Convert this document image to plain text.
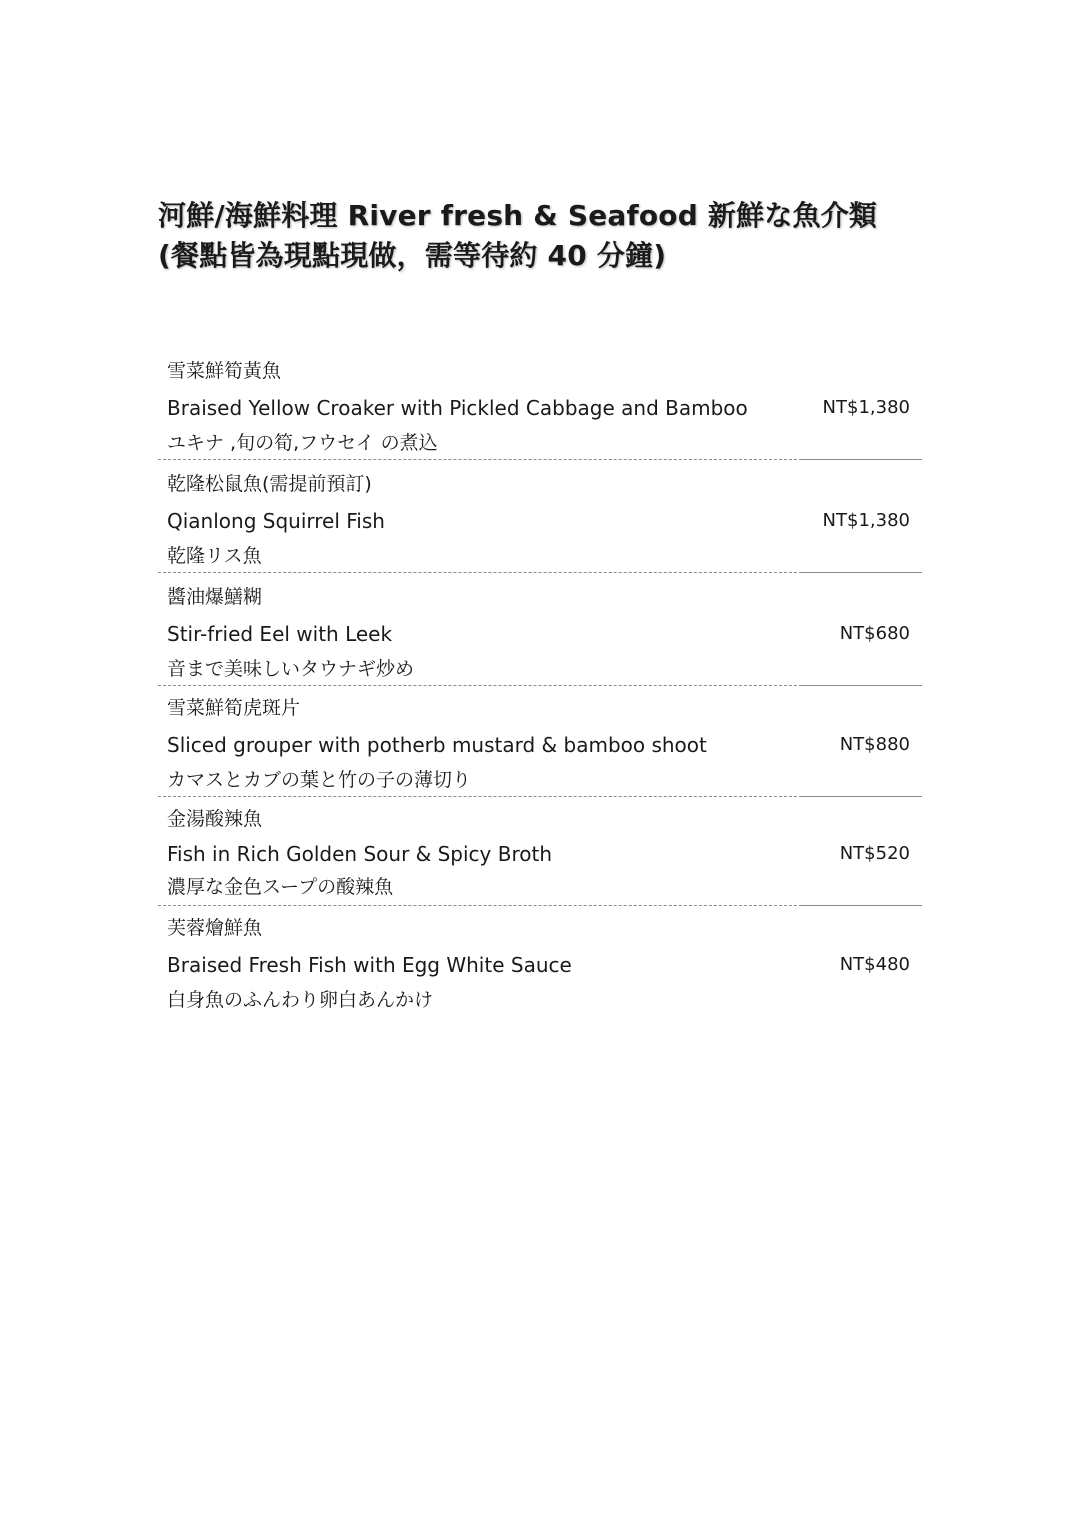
河鮮/海鮮料理 River fresh & Seafood 新鮮な魚介類
(餐點皆為現點現做，需等待約 40 分鐘)
雪菜鮮筍黃魚
Braised Yellow Croaker with Pickled Cabbage and Bamboo	NT$1,380
ユキナ ,旬の筍,フウセイ の煮込
乾隆松鼠魚(需提前預訂)
Qianlong Squirrel Fish	NT$1,380
乾隆リス魚
醬油爆鱔糊
Stir-fried Eel with Leek	NT$680
音まで美味しいタウナギ炒め
雪菜鮮筍虎斑片
Sliced grouper with potherb mustard & bamboo shoot	NT$880
カマスとカブの葉と竹の子の薄切り
金湯酸辣魚
Fish in Rich Golden Sour & Spicy Broth	NT$520
濃厚な金色スープの酸辣魚
芙蓉燴鮮魚
Braised Fresh Fish with Egg White Sauce	NT$480
白身魚のふんわり卵白あんかけ
